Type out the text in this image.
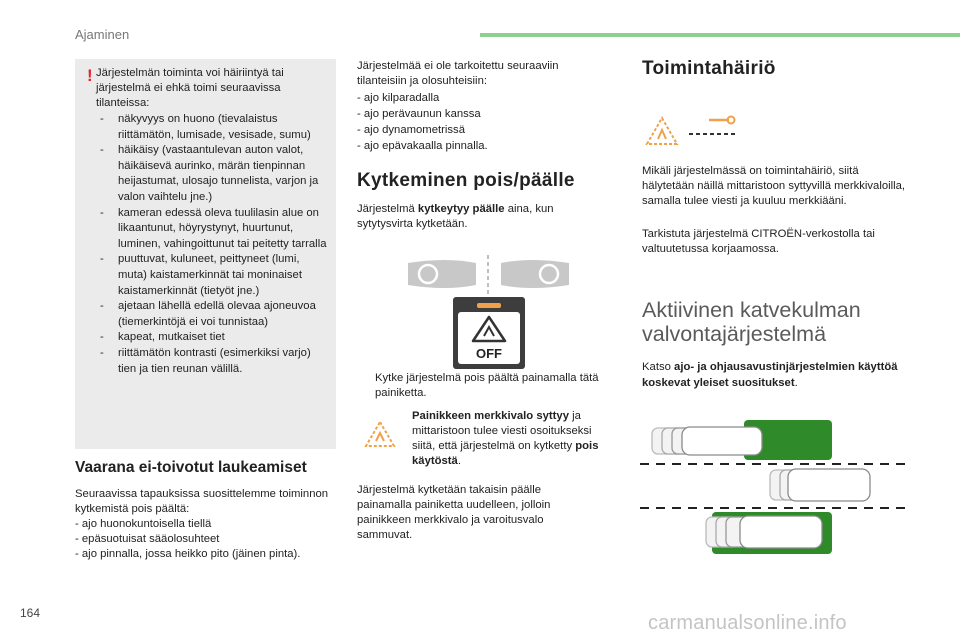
Ajaminen
! Järjestelmän toiminta voi häiriintyä tai järjestelmä ei ehkä toimi seuraavissa tilanteissa:
- näkyvyys on huono (tievalaistus riittämätön, lumisade, vesisade, sumu)
- häikäisy (vastaantulevan auton valot, häikäisevä aurinko, märän tienpinnan heijastumat, ulosajo tunnelista, varjon ja valon vaihtelu jne.)
- kameran edessä oleva tuulilasin alue on likaantunut, höyrystynyt, huurtunut, luminen, vahingoittunut tai peitetty tarralla
- puuttuvat, kuluneet, peittyneet (lumi, muta) kaistamerkinnät tai moninaiset kaistamerkinnät (tietyöt jne.)
- ajetaan lähellä edellä olevaa ajoneuvoa (tiemerkintöjä ei voi tunnistaa)
- kapeat, mutkaiset tiet
- riittämätön kontrasti (esimerkiksi varjo) tien ja tien reunan välillä.
Vaarana ei-toivotut laukeamiset
Seuraavissa tapauksissa suosittelemme toiminnon kytkemistä pois päältä:
- ajo huonokuntoisella tiellä
- epäsuotuisat sääolosuhteet
- ajo pinnalla, jossa heikko pito (jäinen pinta).
Järjestelmää ei ole tarkoitettu seuraaviin tilanteisiin ja olosuhteisiin:
- ajo kilparadalla
- ajo perävaunun kanssa
- ajo dynamometrissä
- ajo epävakaalla pinnalla.
Kytkeminen pois/päälle
Järjestelmä kytkeytyy päälle aina, kun sytytysvirta kytketään.
OFF
Kytke järjestelmä pois päältä painamalla tätä painiketta.
Painikkeen merkkivalo syttyy ja mittaristoon tulee viesti osoitukseksi siitä, että järjestelmä on kytketty pois käytöstä.
Järjestelmä kytketään takaisin päälle painamalla painiketta uudelleen, jolloin painikkeen merkkivalo ja varoitusvalo sammuvat.
Toimintahäiriö
Mikäli järjestelmässä on toimintahäiriö, siitä hälytetään näillä mittaristoon syttyvillä merkkivaloilla, samalla tulee viesti ja kuuluu merkkiääni.
Tarkistuta järjestelmä CITROËN-verkostolla tai valtuutetussa korjaamossa.
Aktiivinen katvekulman valvontajärjestelmä
Katso ajo- ja ohjausavustinjärjestelmien käyttöä koskevat yleiset suositukset.
164	carmanualsonline.info
